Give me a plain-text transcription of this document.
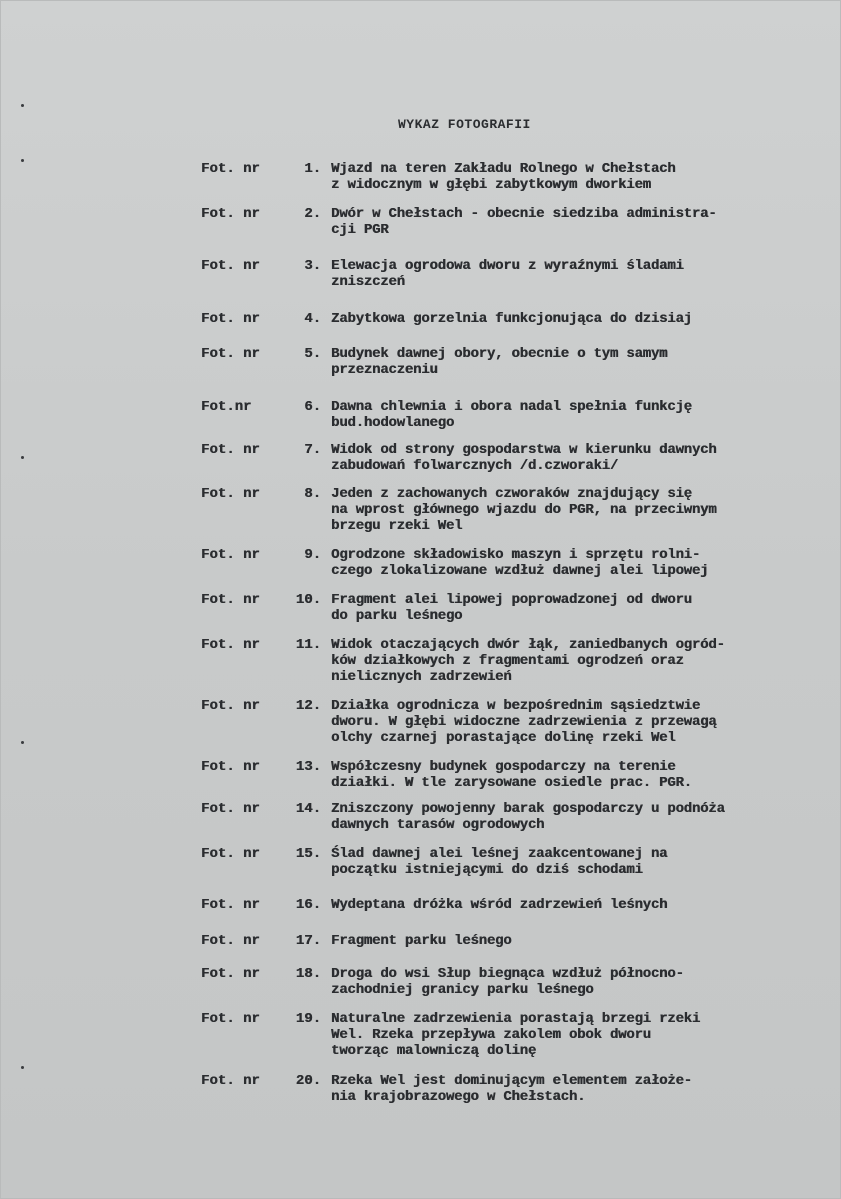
WYKAZ FOTOGRAFII
Fot. nr	1. Wjazd na teren Zakładu Rolnego w Chełstach
z widocznym w głębi zabytkowym dworkiem
Fot. nr	2. Dwór w Chełstach - obecnie siedziba administra-
cji PGR
Fot. nr	3. Elewacja ogrodowa dworu z wyraźnymi śladami
zniszczeń
Fot. nr	4. Zabytkowa gorzelnia funkcjonująca do dzisiaj
Fot. nr	5. Budynek dawnej obory, obecnie o tym samym
przeznaczeniu
Fot.nr	6. Dawna chlewnia i obora nadal spełnia funkcję
bud.hodowlanego
Fot. nr	7. Widok od strony gospodarstwa w kierunku dawnych
zabudowań folwarcznych /d.czworaki/
Fot. nr	8. Jeden z zachowanych czworaków znajdujący się
na wprost głównego wjazdu do PGR, na przeciwnym
brzegu rzeki Wel
Fot. nr	9. Ogrodzone składowisko maszyn i sprzętu rolni-
czego zlokalizowane wzdłuż dawnej alei lipowej
Fot. nr	10. Fragment alei lipowej poprowadzonej od dworu
do parku leśnego
Fot. nr	11. Widok otaczających dwór łąk, zaniedbanych ogród-
ków działkowych z fragmentami ogrodzeń oraz
nielicznych zadrzewień
Fot. nr	12. Działka ogrodnicza w bezpośrednim sąsiedztwie
dworu. W głębi widoczne zadrzewienia z przewagą
olchy czarnej porastające dolinę rzeki Wel
Fot. nr	13. Współczesny budynek gospodarczy na terenie
działki. W tle zarysowane osiedle prac. PGR.
Fot. nr	14. Zniszczony powojenny barak gospodarczy u podnóża
dawnych tarasów ogrodowych
Fot. nr	15. Ślad dawnej alei leśnej zaakcentowanej na
początku istniejącymi do dziś schodami
Fot. nr	16. Wydeptana dróżka wśród zadrzewień leśnych
Fot. nr	17. Fragment parku leśnego
Fot. nr	18. Droga do wsi Słup biegnąca wzdłuż północno-
zachodniej granicy parku leśnego
Fot. nr	19. Naturalne zadrzewienia porastają brzegi rzeki
Wel. Rzeka przepływa zakolem obok dworu
tworząc malowniczą dolinę
Fot. nr	20. Rzeka Wel jest dominującym elementem założe-
nia krajobrazowego w Chełstach.
